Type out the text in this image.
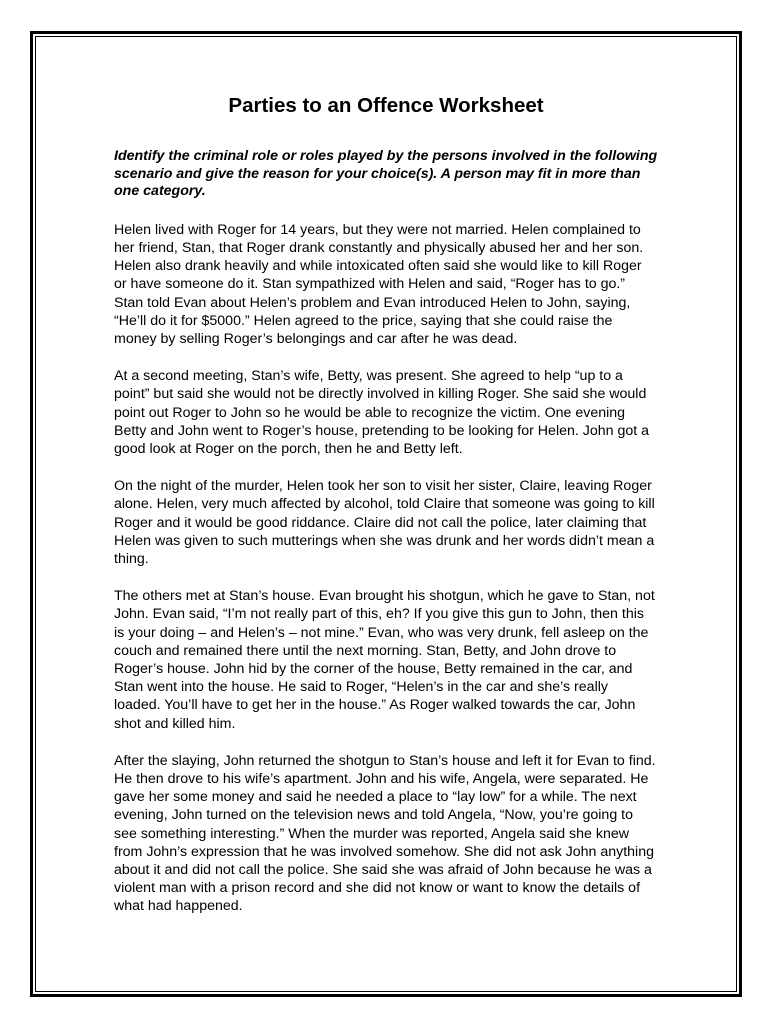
Parties to an Offence Worksheet

Identify the criminal role or roles played by the persons involved in the following scenario and give the reason for your choice(s). A person may fit in more than one category.

Helen lived with Roger for 14 years, but they were not married. Helen complained to her friend, Stan, that Roger drank constantly and physically abused her and her son. Helen also drank heavily and while intoxicated often said she would like to kill Roger or have someone do it. Stan sympathized with Helen and said, “Roger has to go.” Stan told Evan about Helen’s problem and Evan introduced Helen to John, saying, “He’ll do it for $5000.” Helen agreed to the price, saying that she could raise the money by selling Roger’s belongings and car after he was dead.

At a second meeting, Stan’s wife, Betty, was present. She agreed to help “up to a point” but said she would not be directly involved in killing Roger. She said she would point out Roger to John so he would be able to recognize the victim. One evening Betty and John went to Roger’s house, pretending to be looking for Helen. John got a good look at Roger on the porch, then he and Betty left.

On the night of the murder, Helen took her son to visit her sister, Claire, leaving Roger alone. Helen, very much affected by alcohol, told Claire that someone was going to kill Roger and it would be good riddance. Claire did not call the police, later claiming that Helen was given to such mutterings when she was drunk and her words didn’t mean a thing.

The others met at Stan’s house. Evan brought his shotgun, which he gave to Stan, not John. Evan said, “I’m not really part of this, eh? If you give this gun to John, then this is your doing – and Helen’s – not mine.” Evan, who was very drunk, fell asleep on the couch and remained there until the next morning. Stan, Betty, and John drove to Roger’s house. John hid by the corner of the house, Betty remained in the car, and Stan went into the house. He said to Roger, “Helen’s in the car and she’s really loaded. You’ll have to get her in the house.” As Roger walked towards the car, John shot and killed him.

After the slaying, John returned the shotgun to Stan’s house and left it for Evan to find. He then drove to his wife’s apartment. John and his wife, Angela, were separated. He gave her some money and said he needed a place to “lay low” for a while. The next evening, John turned on the television news and told Angela, “Now, you’re going to see something interesting.” When the murder was reported, Angela said she knew from John’s expression that he was involved somehow. She did not ask John anything about it and did not call the police. She said she was afraid of John because he was a violent man with a prison record and she did not know or want to know the details of what had happened.
